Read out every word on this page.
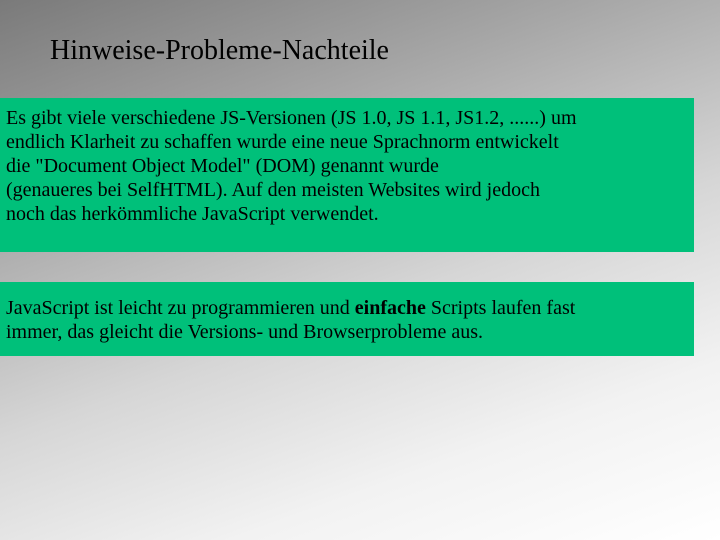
Hinweise-Probleme-Nachteile
Es gibt viele verschiedene JS-Versionen (JS 1.0, JS 1.1, JS1.2, ......) um
endlich Klarheit zu schaffen wurde eine neue Sprachnorm entwickelt
die "Document Object Model" (DOM) genannt wurde
(genaueres bei SelfHTML). Auf den meisten Websites wird jedoch
noch das herkömmliche JavaScript verwendet.
JavaScript ist leicht zu programmieren und einfache Scripts laufen fast
immer, das gleicht die Versions- und Browserprobleme aus.
